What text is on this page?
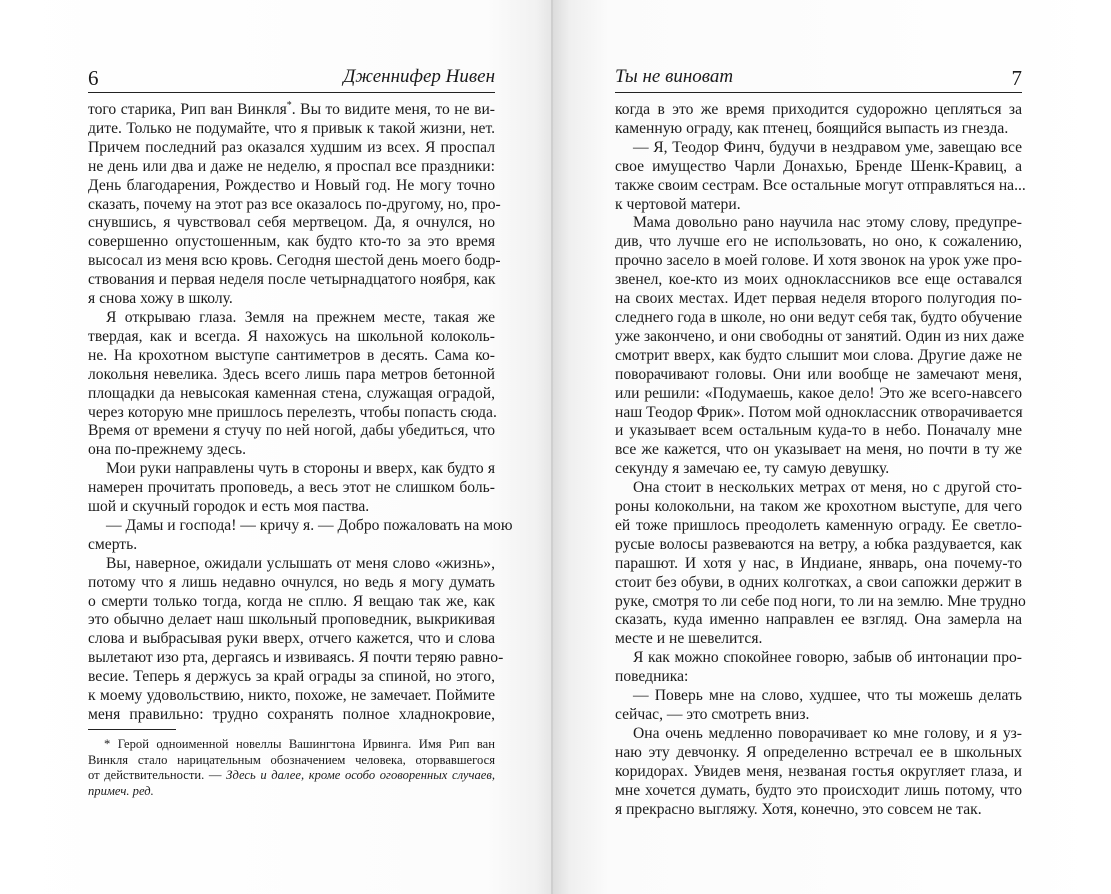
6	Дженнифер Нивен
того старика, Рип ван Винкля*. Вы то видите меня, то не ви-
дите. Только не подумайте, что я привык к такой жизни, нет.
Причем последний раз оказался худшим из всех. Я проспал
не день или два и даже не неделю, я проспал все праздники:
День благодарения, Рождество и Новый год. Не могу точно
сказать, почему на этот раз все оказалось по-другому, но, про-
снувшись, я чувствовал себя мертвецом. Да, я очнулся, но
совершенно опустошенным, как будто кто-то за это время
высосал из меня всю кровь. Сегодня шестой день моего бодр-
ствования и первая неделя после четырнадцатого ноября, как
я снова хожу в школу.
Я открываю глаза. Земля на прежнем месте, такая же
твердая, как и всегда. Я нахожусь на школьной колоколь-
не. На крохотном выступе сантиметров в десять. Сама ко-
локольня невелика. Здесь всего лишь пара метров бетонной
площадки да невысокая каменная стена, служащая оградой,
через которую мне пришлось перелезть, чтобы попасть сюда.
Время от времени я стучу по ней ногой, дабы убедиться, что
она по-прежнему здесь.
Мои руки направлены чуть в стороны и вверх, как будто я
намерен прочитать проповедь, а весь этот не слишком боль-
шой и скучный городок и есть моя паства.
— Дамы и господа! — кричу я. — Добро пожаловать на мою
смерть.
Вы, наверное, ожидали услышать от меня слово «жизнь»,
потому что я лишь недавно очнулся, но ведь я могу думать
о смерти только тогда, когда не сплю. Я вещаю так же, как
это обычно делает наш школьный проповедник, выкрикивая
слова и выбрасывая руки вверх, отчего кажется, что и слова
вылетают изо рта, дергаясь и извиваясь. Я почти теряю равно-
весие. Теперь я держусь за край ограды за спиной, но этого,
к моему удовольствию, никто, похоже, не замечает. Поймите
меня правильно: трудно сохранять полное хладнокровие,
* Герой одноименной новеллы Вашингтона Ирвинга. Имя Рип ван
Винкля стало нарицательным обозначением человека, оторвавшегося
от действительности. — Здесь и далее, кроме особо оговоренных случаев,
примеч. ред.
Ты не виноват	7
когда в это же время приходится судорожно цепляться за
каменную ограду, как птенец, боящийся выпасть из гнезда.
— Я, Теодор Финч, будучи в нездравом уме, завещаю все
свое имущество Чарли Донахью, Бренде Шенк-Кравиц, а
также своим сестрам. Все остальные могут отправляться на...
к чертовой матери.
Мама довольно рано научила нас этому слову, предупре-
див, что лучше его не использовать, но оно, к сожалению,
прочно засело в моей голове. И хотя звонок на урок уже про-
звенел, кое-кто из моих одноклассников все еще оставался
на своих местах. Идет первая неделя второго полугодия по-
следнего года в школе, но они ведут себя так, будто обучение
уже закончено, и они свободны от занятий. Один из них даже
смотрит вверх, как будто слышит мои слова. Другие даже не
поворачивают головы. Они или вообще не замечают меня,
или решили: «Подумаешь, какое дело! Это же всего-навсего
наш Теодор Фрик». Потом мой одноклассник отворачивается
и указывает всем остальным куда-то в небо. Поначалу мне
все же кажется, что он указывает на меня, но почти в ту же
секунду я замечаю ее, ту самую девушку.
Она стоит в нескольких метрах от меня, но с другой сто-
роны колокольни, на таком же крохотном выступе, для чего
ей тоже пришлось преодолеть каменную ограду. Ее светло-
русые волосы развеваются на ветру, а юбка раздувается, как
парашют. И хотя у нас, в Индиане, январь, она почему-то
стоит без обуви, в одних колготках, а свои сапожки держит в
руке, смотря то ли себе под ноги, то ли на землю. Мне трудно
сказать, куда именно направлен ее взгляд. Она замерла на
месте и не шевелится.
Я как можно спокойнее говорю, забыв об интонации про-
поведника:
— Поверь мне на слово, худшее, что ты можешь делать
сейчас, — это смотреть вниз.
Она очень медленно поворачивает ко мне голову, и я уз-
наю эту девчонку. Я определенно встречал ее в школьных
коридорах. Увидев меня, незваная гостья округляет глаза, и
мне хочется думать, будто это происходит лишь потому, что
я прекрасно выгляжу. Хотя, конечно, это совсем не так.
